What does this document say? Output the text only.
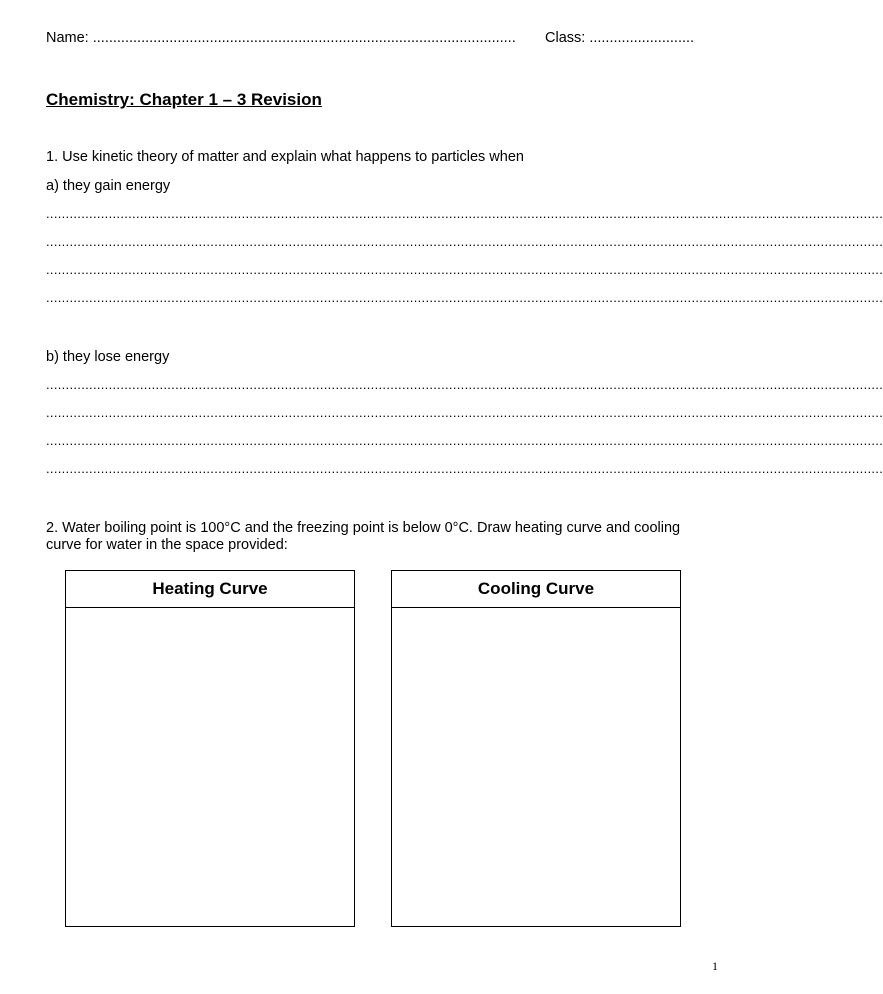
Name: ......................................................................................................... Class: ..........................
Chemistry: Chapter 1 – 3 Revision
1. Use kinetic theory of matter and explain what happens to particles when
a) they gain energy
......................................................................................................................................................................................................................
......................................................................................................................................................................................................................
......................................................................................................................................................................................................................
......................................................................................................................................................................................................................
b) they lose energy
......................................................................................................................................................................................................................
......................................................................................................................................................................................................................
......................................................................................................................................................................................................................
......................................................................................................................................................................................................................
2. Water boiling point is 100°C and the freezing point is below 0°C. Draw heating curve and cooling
curve for water in the space provided:
Heating Curve	Cooling Curve
1
